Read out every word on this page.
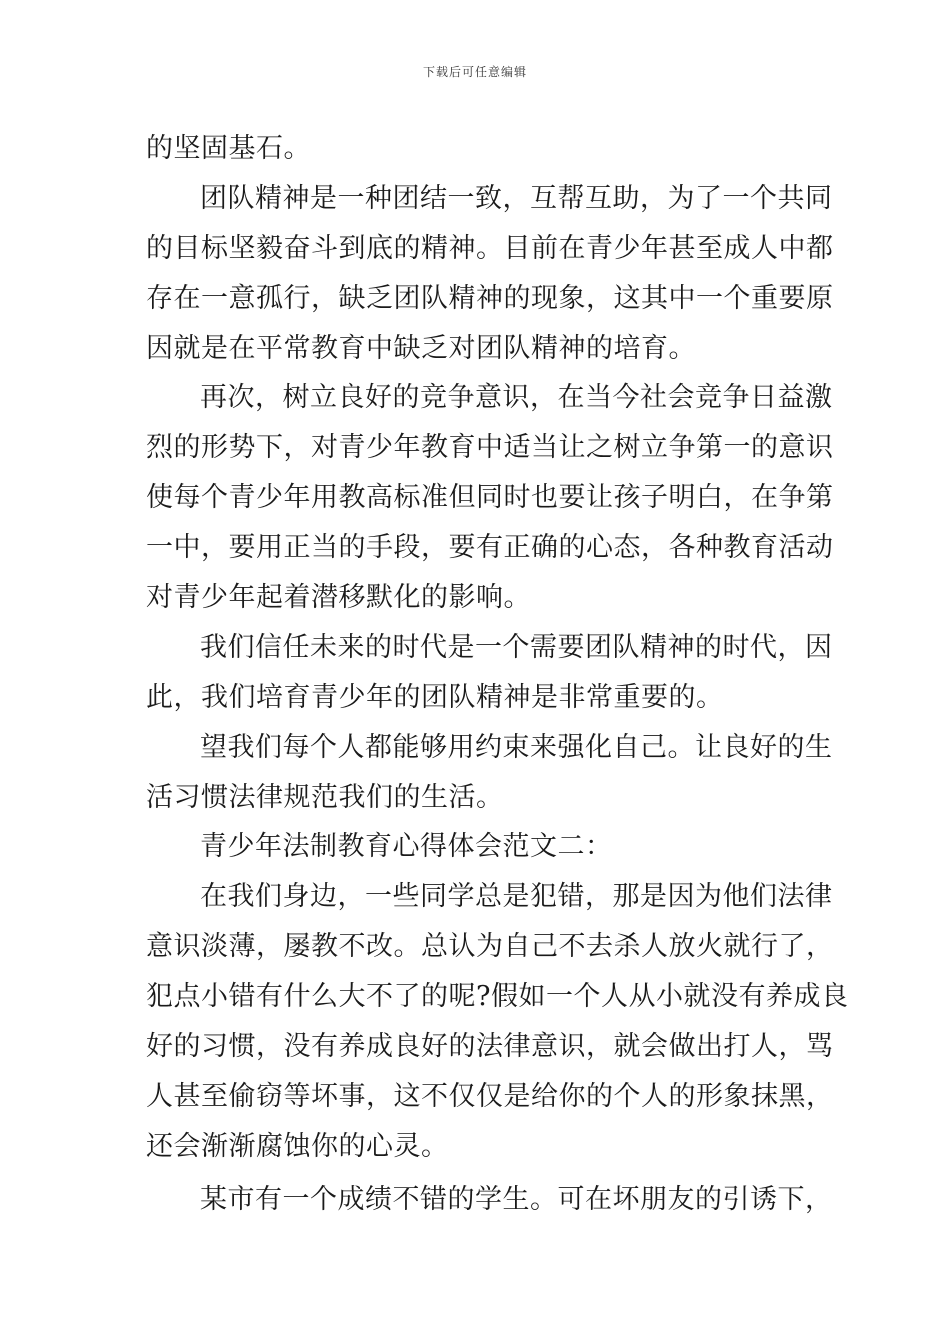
下载后可任意编辑
的坚固基石。
团队精神是一种团结一致，互帮互助，为了一个共同
的目标坚毅奋斗到底的精神。目前在青少年甚至成人中都
存在一意孤行，缺乏团队精神的现象，这其中一个重要原
因就是在平常教育中缺乏对团队精神的培育。
再次，树立良好的竞争意识，在当今社会竞争日益激
烈的形势下，对青少年教育中适当让之树立争第一的意识
使每个青少年用教高标准但同时也要让孩子明白，在争第
一中，要用正当的手段，要有正确的心态，各种教育活动
对青少年起着潜移默化的影响。
我们信任未来的时代是一个需要团队精神的时代，因
此，我们培育青少年的团队精神是非常重要的。
望我们每个人都能够用约束来强化自己。让良好的生
活习惯法律规范我们的生活。
青少年法制教育心得体会范文二：
在我们身边，一些同学总是犯错，那是因为他们法律
意识淡薄，屡教不改。总认为自己不去杀人放火就行了，
犯点小错有什么大不了的呢?假如一个人从小就没有养成良
好的习惯，没有养成良好的法律意识，就会做出打人，骂
人甚至偷窃等坏事，这不仅仅是给你的个人的形象抹黑，
还会渐渐腐蚀你的心灵。
某市有一个成绩不错的学生。可在坏朋友的引诱下，
